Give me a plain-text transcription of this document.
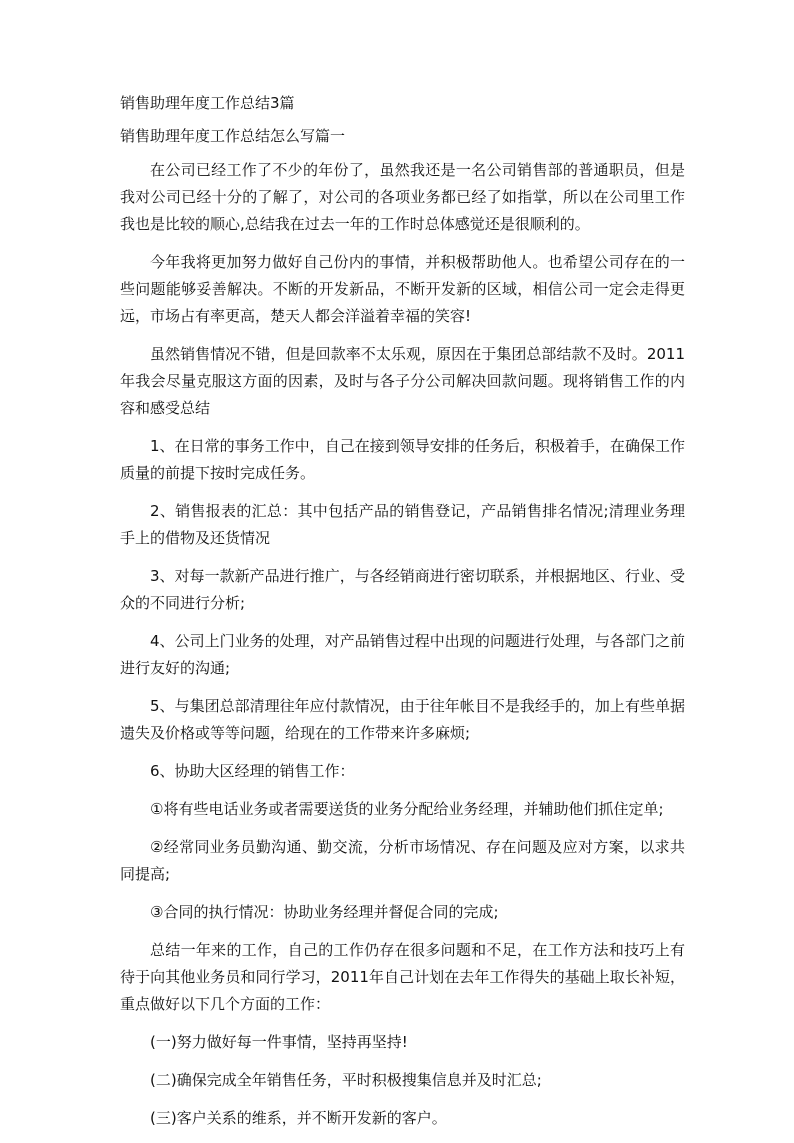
销售助理年度工作总结3篇
销售助理年度工作总结怎么写篇一

在公司已经工作了不少的年份了，虽然我还是一名公司销售部的普通职员，但是我对公司已经十分的了解了，对公司的各项业务都已经了如指掌，所以在公司里工作我也是比较的顺心,总结我在过去一年的工作时总体感觉还是很顺利的。

今年我将更加努力做好自己份内的事情，并积极帮助他人。也希望公司存在的一些问题能够妥善解决。不断的开发新品，不断开发新的区域，相信公司一定会走得更远，市场占有率更高，楚天人都会洋溢着幸福的笑容!

虽然销售情况不错，但是回款率不太乐观，原因在于集团总部结款不及时。2011年我会尽量克服这方面的因素，及时与各子分公司解决回款问题。现将销售工作的内容和感受总结

1、在日常的事务工作中，自己在接到领导安排的任务后，积极着手，在确保工作质量的前提下按时完成任务。

2、销售报表的汇总：其中包括产品的销售登记，产品销售排名情况;清理业务理手上的借物及还货情况

3、对每一款新产品进行推广，与各经销商进行密切联系，并根据地区、行业、受众的不同进行分析;

4、公司上门业务的处理，对产品销售过程中出现的问题进行处理，与各部门之前进行友好的沟通;

5、与集团总部清理往年应付款情况，由于往年帐目不是我经手的，加上有些单据遗失及价格或等等问题，给现在的工作带来许多麻烦;

6、协助大区经理的销售工作：

①将有些电话业务或者需要送货的业务分配给业务经理，并辅助他们抓住定单;

②经常同业务员勤沟通、勤交流，分析市场情况、存在问题及应对方案，以求共同提高;

③合同的执行情况：协助业务经理并督促合同的完成;

总结一年来的工作，自己的工作仍存在很多问题和不足，在工作方法和技巧上有待于向其他业务员和同行学习，2011年自己计划在去年工作得失的基础上取长补短，重点做好以下几个方面的工作：

(一)努力做好每一件事情，坚持再坚持!

(二)确保完成全年销售任务，平时积极搜集信息并及时汇总;

(三)客户关系的维系，并不断开发新的客户。
